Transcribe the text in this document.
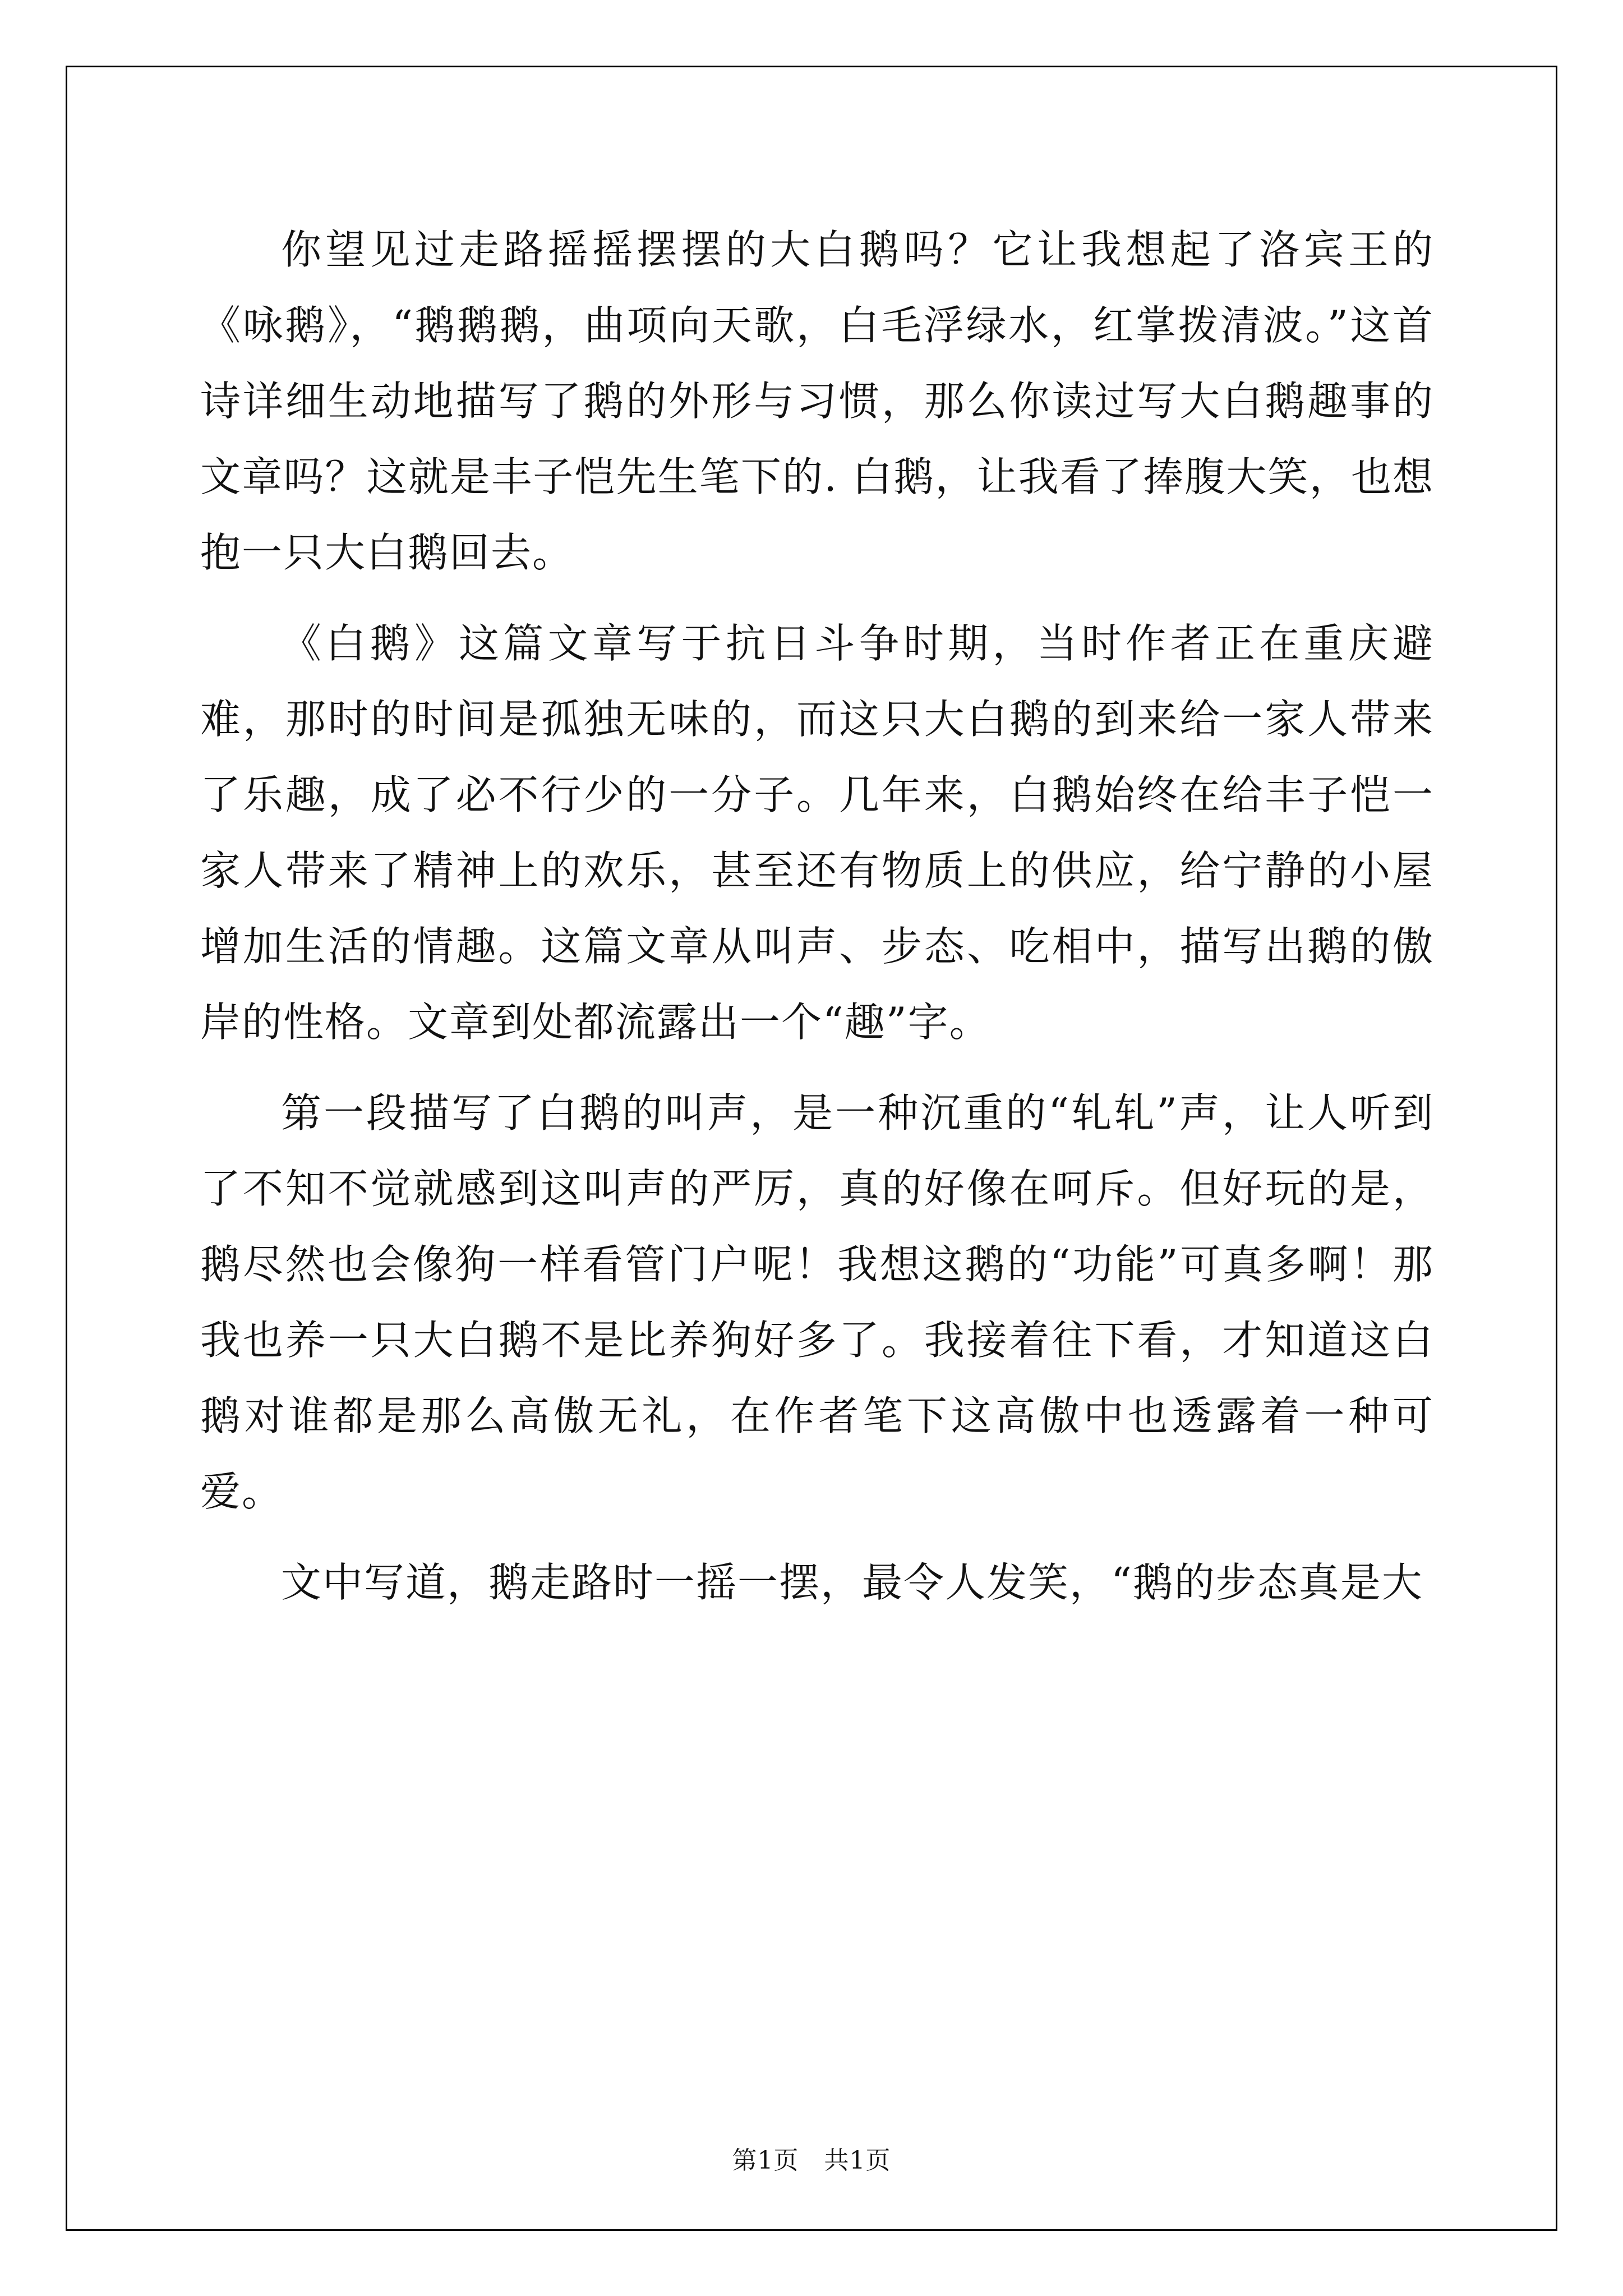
你望见过走路摇摇摆摆的大白鹅吗？它让我想起了洛宾王的《咏鹅》，“鹅鹅鹅，曲项向天歌，白毛浮绿水，红掌拨清波。”这首诗详细生动地描写了鹅的外形与习惯，那么你读过写大白鹅趣事的文章吗？这就是丰子恺先生笔下的. 白鹅，让我看了捧腹大笑，也想抱一只大白鹅回去。

《白鹅》这篇文章写于抗日斗争时期，当时作者正在重庆避难，那时的时间是孤独无味的，而这只大白鹅的到来给一家人带来了乐趣，成了必不行少的一分子。几年来，白鹅始终在给丰子恺一家人带来了精神上的欢乐，甚至还有物质上的供应，给宁静的小屋增加生活的情趣。这篇文章从叫声、步态、吃相中，描写出鹅的傲岸的性格。文章到处都流露出一个“趣”字。

第一段描写了白鹅的叫声，是一种沉重的“轧轧”声，让人听到了不知不觉就感到这叫声的严厉，真的好像在呵斥。但好玩的是，鹅尽然也会像狗一样看管门户呢！我想这鹅的“功能”可真多啊！那我也养一只大白鹅不是比养狗好多了。我接着往下看，才知道这白鹅对谁都是那么高傲无礼，在作者笔下这高傲中也透露着一种可爱。

文中写道，鹅走路时一摇一摆，最令人发笑，“鹅的步态真是大

第1页　共1页
